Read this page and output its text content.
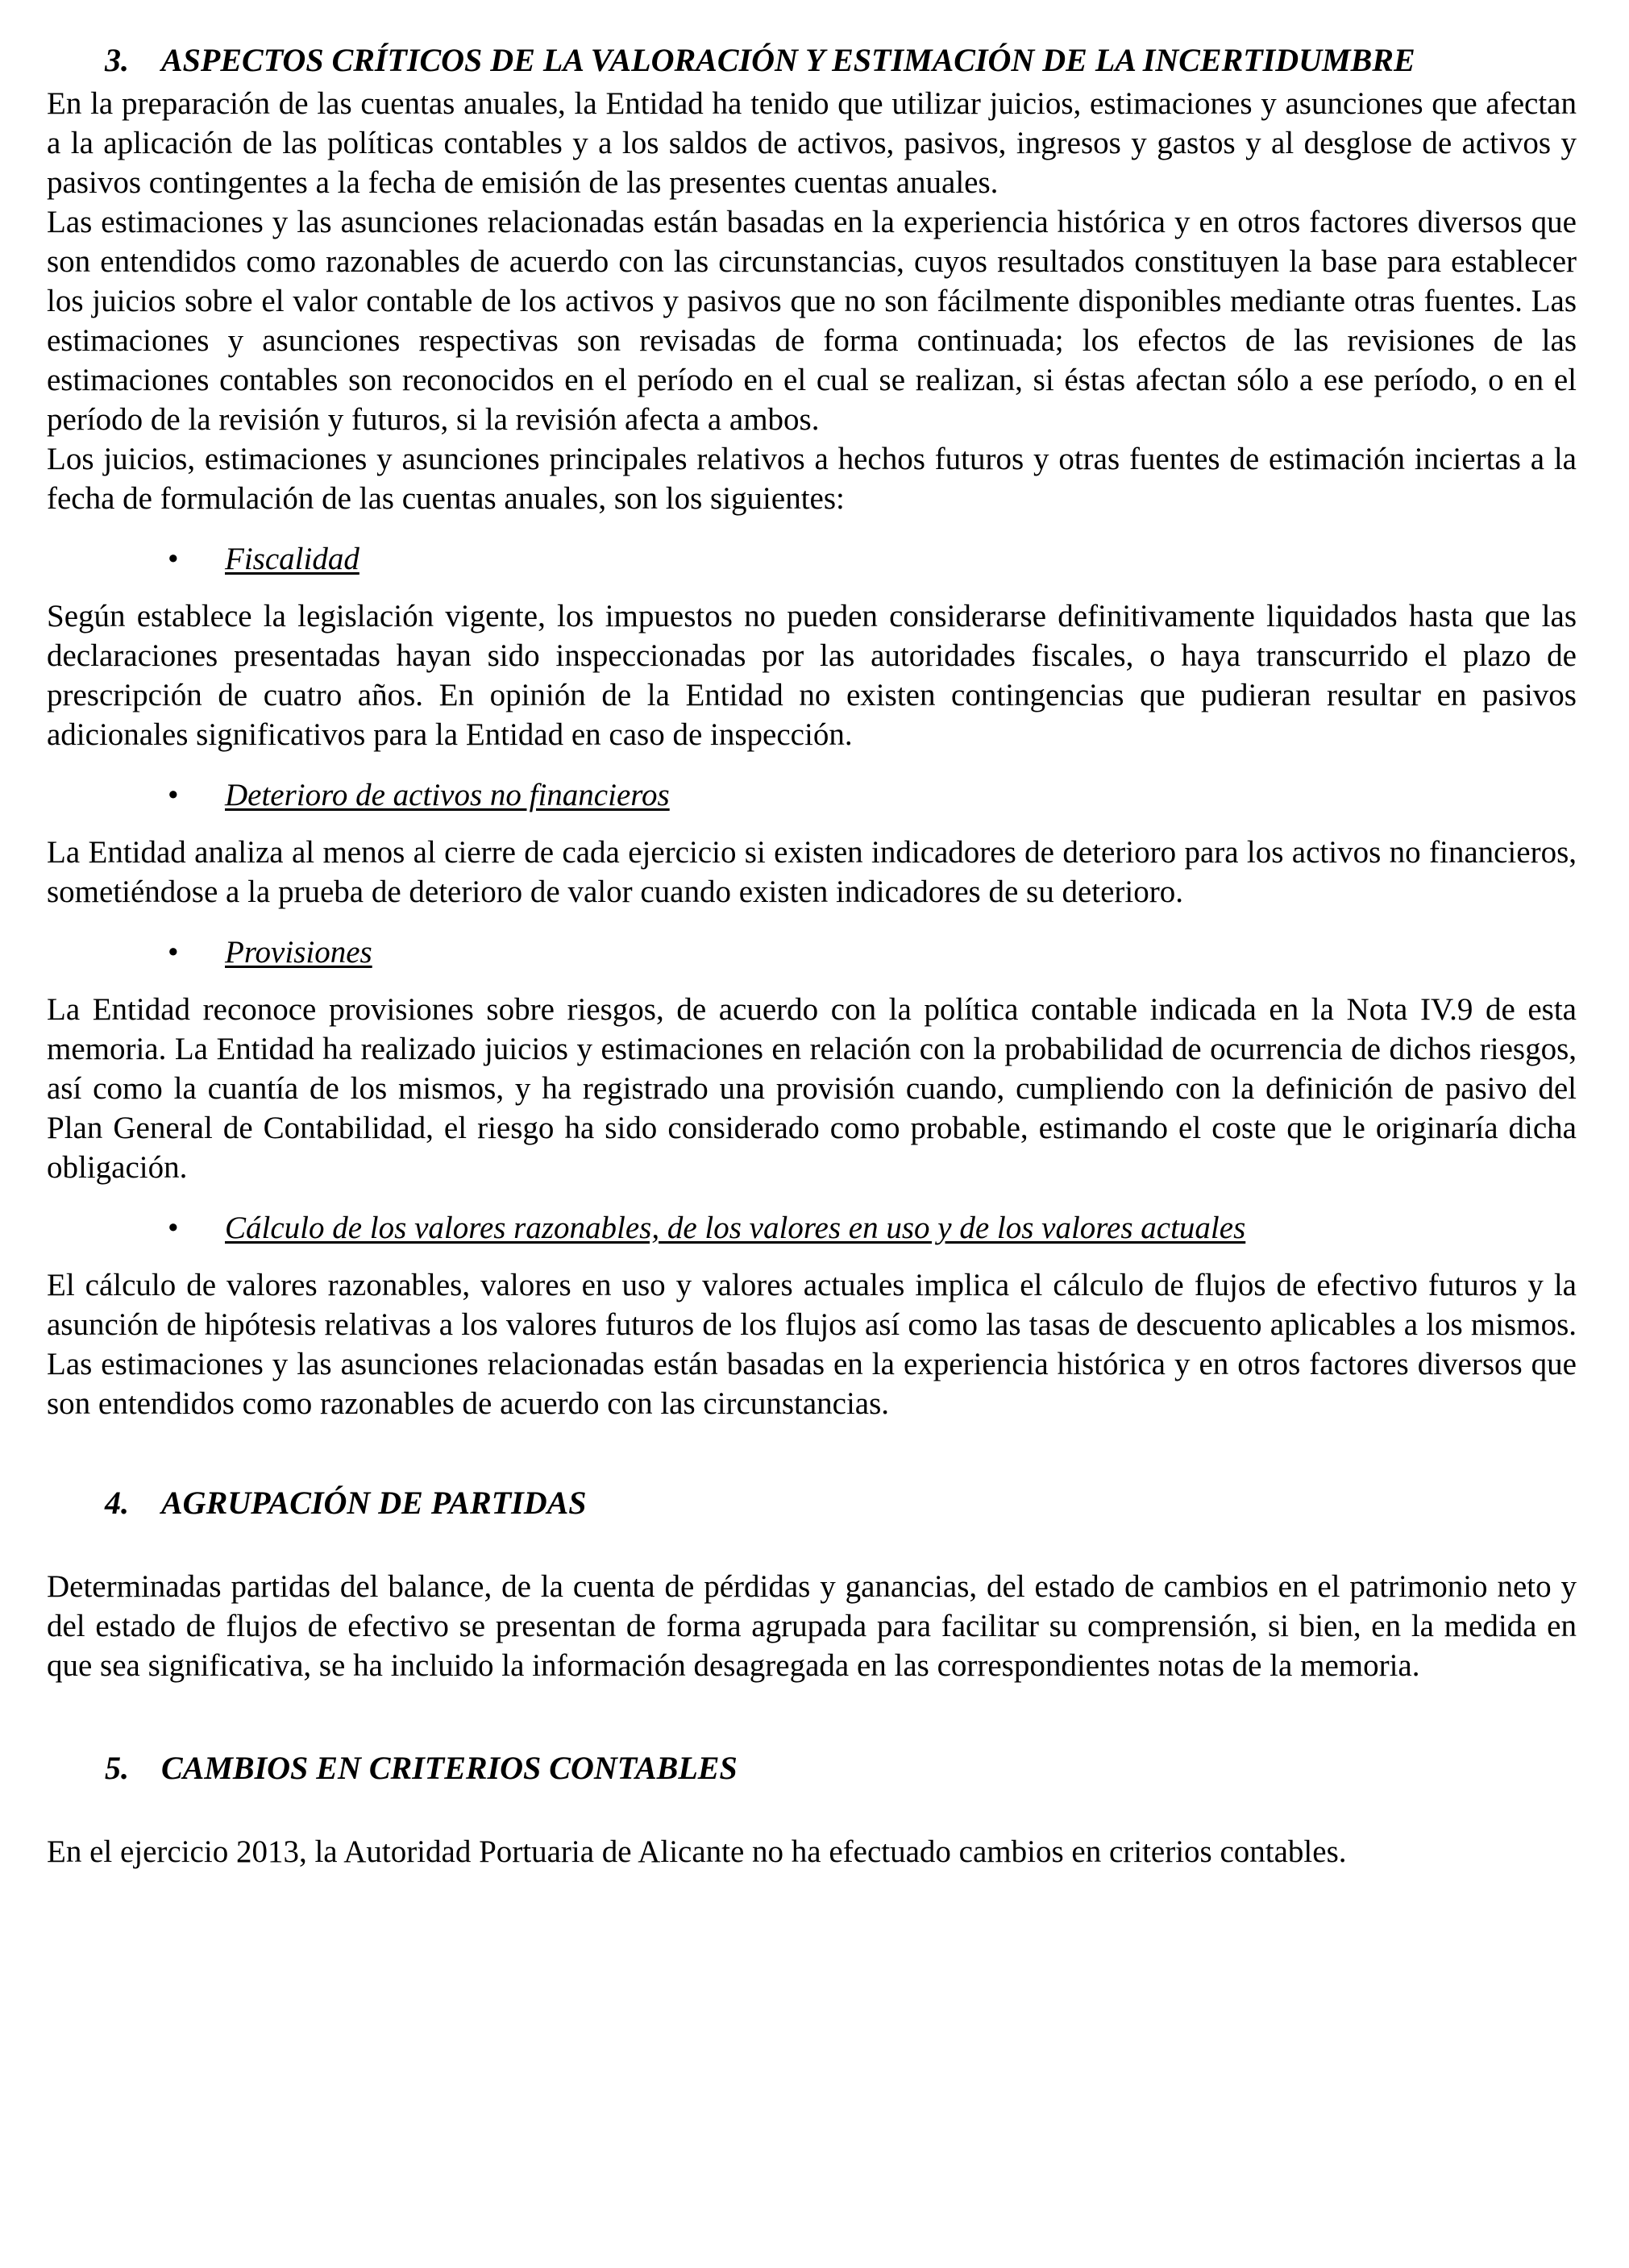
3.	ASPECTOS CRÍTICOS DE LA VALORACIÓN Y ESTIMACIÓN DE LA INCERTIDUMBRE

En la preparación de las cuentas anuales, la Entidad ha tenido que utilizar juicios, estimaciones y asunciones que afectan a la aplicación de las políticas contables y a los saldos de activos, pasivos, ingresos y gastos y al desglose de activos y pasivos contingentes a la fecha de emisión de las presentes cuentas anuales.

Las estimaciones y las asunciones relacionadas están basadas en la experiencia histórica y en otros factores diversos que son entendidos como razonables de acuerdo con las circunstancias, cuyos resultados constituyen la base para establecer los juicios sobre el valor contable de los activos y pasivos que no son fácilmente disponibles mediante otras fuentes. Las estimaciones y asunciones respectivas son revisadas de forma continuada; los efectos de las revisiones de las estimaciones contables son reconocidos en el período en el cual se realizan, si éstas afectan sólo a ese período, o en el período de la revisión y futuros, si la revisión afecta a ambos.

Los juicios, estimaciones y asunciones principales relativos a hechos futuros y otras fuentes de estimación inciertas a la fecha de formulación de las cuentas anuales, son los siguientes:

•	Fiscalidad

Según establece la legislación vigente, los impuestos no pueden considerarse definitivamente liquidados hasta que las declaraciones presentadas hayan sido inspeccionadas por las autoridades fiscales, o haya transcurrido el plazo de prescripción de cuatro años. En opinión de la Entidad no existen contingencias que pudieran resultar en pasivos adicionales significativos para la Entidad en caso de inspección.

•	Deterioro de activos no financieros

La Entidad analiza al menos al cierre de cada ejercicio si existen indicadores de deterioro para los activos no financieros, sometiéndose a la prueba de deterioro de valor cuando existen indicadores de su deterioro.

•	Provisiones

La Entidad reconoce provisiones sobre riesgos, de acuerdo con la política contable indicada en la Nota IV.9 de esta memoria. La Entidad ha realizado juicios y estimaciones en relación con la probabilidad de ocurrencia de dichos riesgos, así como la cuantía de los mismos, y ha registrado una provisión cuando, cumpliendo con la definición de pasivo del Plan General de Contabilidad, el riesgo ha sido considerado como probable, estimando el coste que le originaría dicha obligación.

•	Cálculo de los valores razonables, de los valores en uso y de los valores actuales

El cálculo de valores razonables, valores en uso y valores actuales implica el cálculo de flujos de efectivo futuros y la asunción de hipótesis relativas a los valores futuros de los flujos así como las tasas de descuento aplicables a los mismos. Las estimaciones y las asunciones relacionadas están basadas en la experiencia histórica y en otros factores diversos que son entendidos como razonables de acuerdo con las circunstancias.

4.	AGRUPACIÓN DE PARTIDAS

Determinadas partidas del balance, de la cuenta de pérdidas y ganancias, del estado de cambios en el patrimonio neto y del estado de flujos de efectivo se presentan de forma agrupada para facilitar su comprensión, si bien, en la medida en que sea significativa, se ha incluido la información desagregada en las correspondientes notas de la memoria.

5.	CAMBIOS EN CRITERIOS CONTABLES

En el ejercicio 2013, la Autoridad Portuaria de Alicante no ha efectuado cambios en criterios contables.
